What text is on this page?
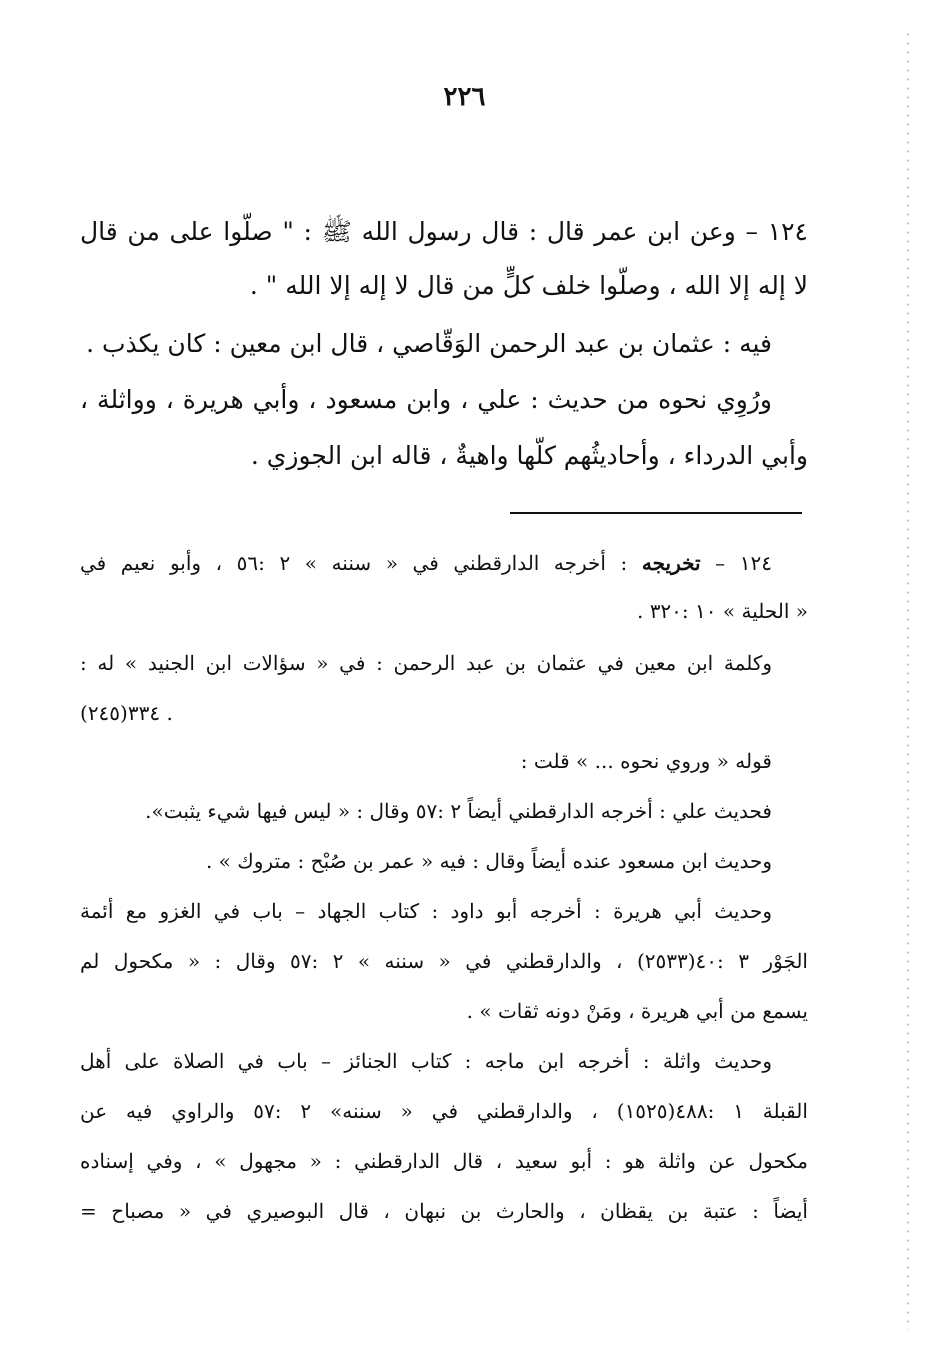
٢٢٦
١٢٤ – وعن ابن عمر قال : قال رسول الله ﷺ : " صلُّوا على من قال
لا إله إلا الله ، وصلُّوا خلف كلٍّ من قال لا إله إلا الله " .
فيه : عثمان بن عبد الرحمن الوَقّاصي ، قال ابن معين : كان يكذب .
ورُوِي نحوه من حديث : علي ، وابن مسعود ، وأبي هريرة ، وواثلة ،
وأبي الدرداء ، وأحاديثُهم كلُّها واهيةٌ ، قاله ابن الجوزي .
١٢٤ – تخريجه : أخرجه الدارقطني في « سننه » ٢ :٥٦ ، وأبو نعيم في
« الحلية » ١٠ :٣٢٠ .
وكلمة ابن معين في عثمان بن عبد الرحمن : في « سؤالات ابن الجنيد » له :
٣٣٤(٢٤٥) .
قوله « وروي نحوه ... » قلت :
فحديث علي : أخرجه الدارقطني أيضاً ٢ :٥٧ وقال : « ليس فيها شيء يثبت».
وحديث ابن مسعود عنده أيضاً وقال : فيه « عمر بن صُبْح : متروك » .
وحديث أبي هريرة : أخرجه أبو داود : كتاب الجهاد – باب في الغزو مع أئمة
الجَوْر ٣ :٤٠(٢٥٣٣) ، والدارقطني في « سننه » ٢ :٥٧ وقال : « مكحول لم
يسمع من أبي هريرة ، ومَنْ دونه ثقات » .
وحديث واثلة : أخرجه ابن ماجه : كتاب الجنائز – باب في الصلاة على أهل
القبلة ١ :٤٨٨(١٥٢٥) ، والدارقطني في « سننه» ٢ :٥٧ والراوي فيه عن
مكحول عن واثلة هو : أبو سعيد ، قال الدارقطني : « مجهول » ، وفي إسناده
أيضاً : عتبة بن يقظان ، والحارث بن نبهان ، قال البوصيري في « مصباح =
